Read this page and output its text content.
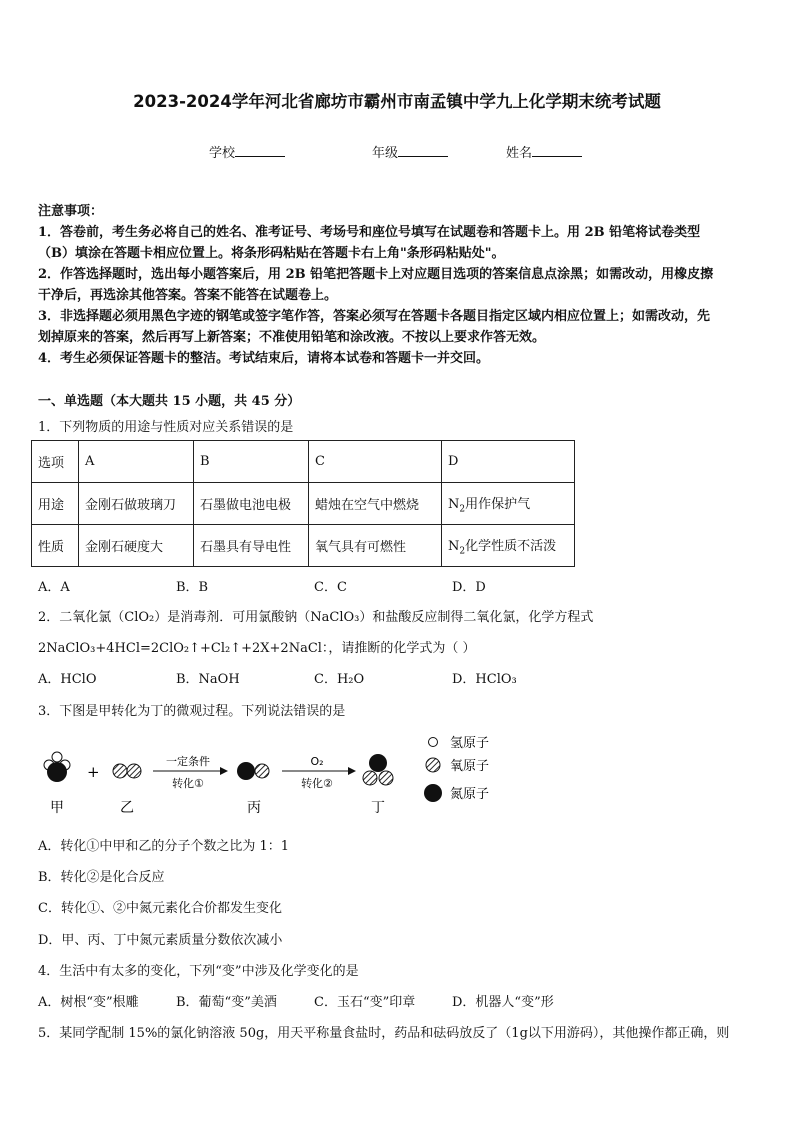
2023-2024学年河北省廊坊市霸州市南孟镇中学九上化学期末统考试题
学校	年级	姓名
注意事项：
1．答卷前，考生务必将自己的姓名、准考证号、考场号和座位号填写在试题卷和答题卡上。用 2B 铅笔将试卷类型
（B）填涂在答题卡相应位置上。将条形码粘贴在答题卡右上角"条形码粘贴处"。
2．作答选择题时，选出每小题答案后，用 2B 铅笔把答题卡上对应题目选项的答案信息点涂黑；如需改动，用橡皮擦
干净后，再选涂其他答案。答案不能答在试题卷上。
3．非选择题必须用黑色字迹的钢笔或签字笔作答，答案必须写在答题卡各题目指定区域内相应位置上；如需改动，先
划掉原来的答案，然后再写上新答案；不准使用铅笔和涂改液。不按以上要求作答无效。
4．考生必须保证答题卡的整洁。考试结束后，请将本试卷和答题卡一并交回。
一、单选题（本大题共 15 小题，共 45 分）
1．下列物质的用途与性质对应关系错误的是
选项	A	B	C	D
用途	金刚石做玻璃刀	石墨做电池电极	蜡烛在空气中燃烧	$N_2$用作保护气
性质	金刚石硬度大	石墨具有导电性	氧气具有可燃性	$N_2$化学性质不活泼
A．A	B．B	C．C	D．D
2．二氧化氯（ClO₂）是消毒剂．可用氯酸钠（NaClO₃）和盐酸反应制得二氧化氯，化学方程式
2NaClO₃+4HCl=2ClO₂↑+Cl₂↑+2X+2NaCl：，请推断的化学式为（ ）
A．HClO	B．NaOH	C．H₂O	D．HClO₃
3．下图是甲转化为丁的微观过程。下列说法错误的是
+
一定条件
转化①
O₂
转化②
甲	乙	丙	丁
氢原子
氧原子
氮原子
A．转化①中甲和乙的分子个数之比为 1：1
B．转化②是化合反应
C．转化①、②中氮元素化合价都发生变化
D．甲、丙、丁中氮元素质量分数依次减小
4．生活中有太多的变化，下列“变”中涉及化学变化的是
A．树根“变”根雕	B．葡萄“变”美酒	C．玉石“变”印章	D．机器人“变”形
5．某同学配制 15%的氯化钠溶液 50g，用天平称量食盐时，药品和砝码放反了（1g以下用游码），其他操作都正确，则
